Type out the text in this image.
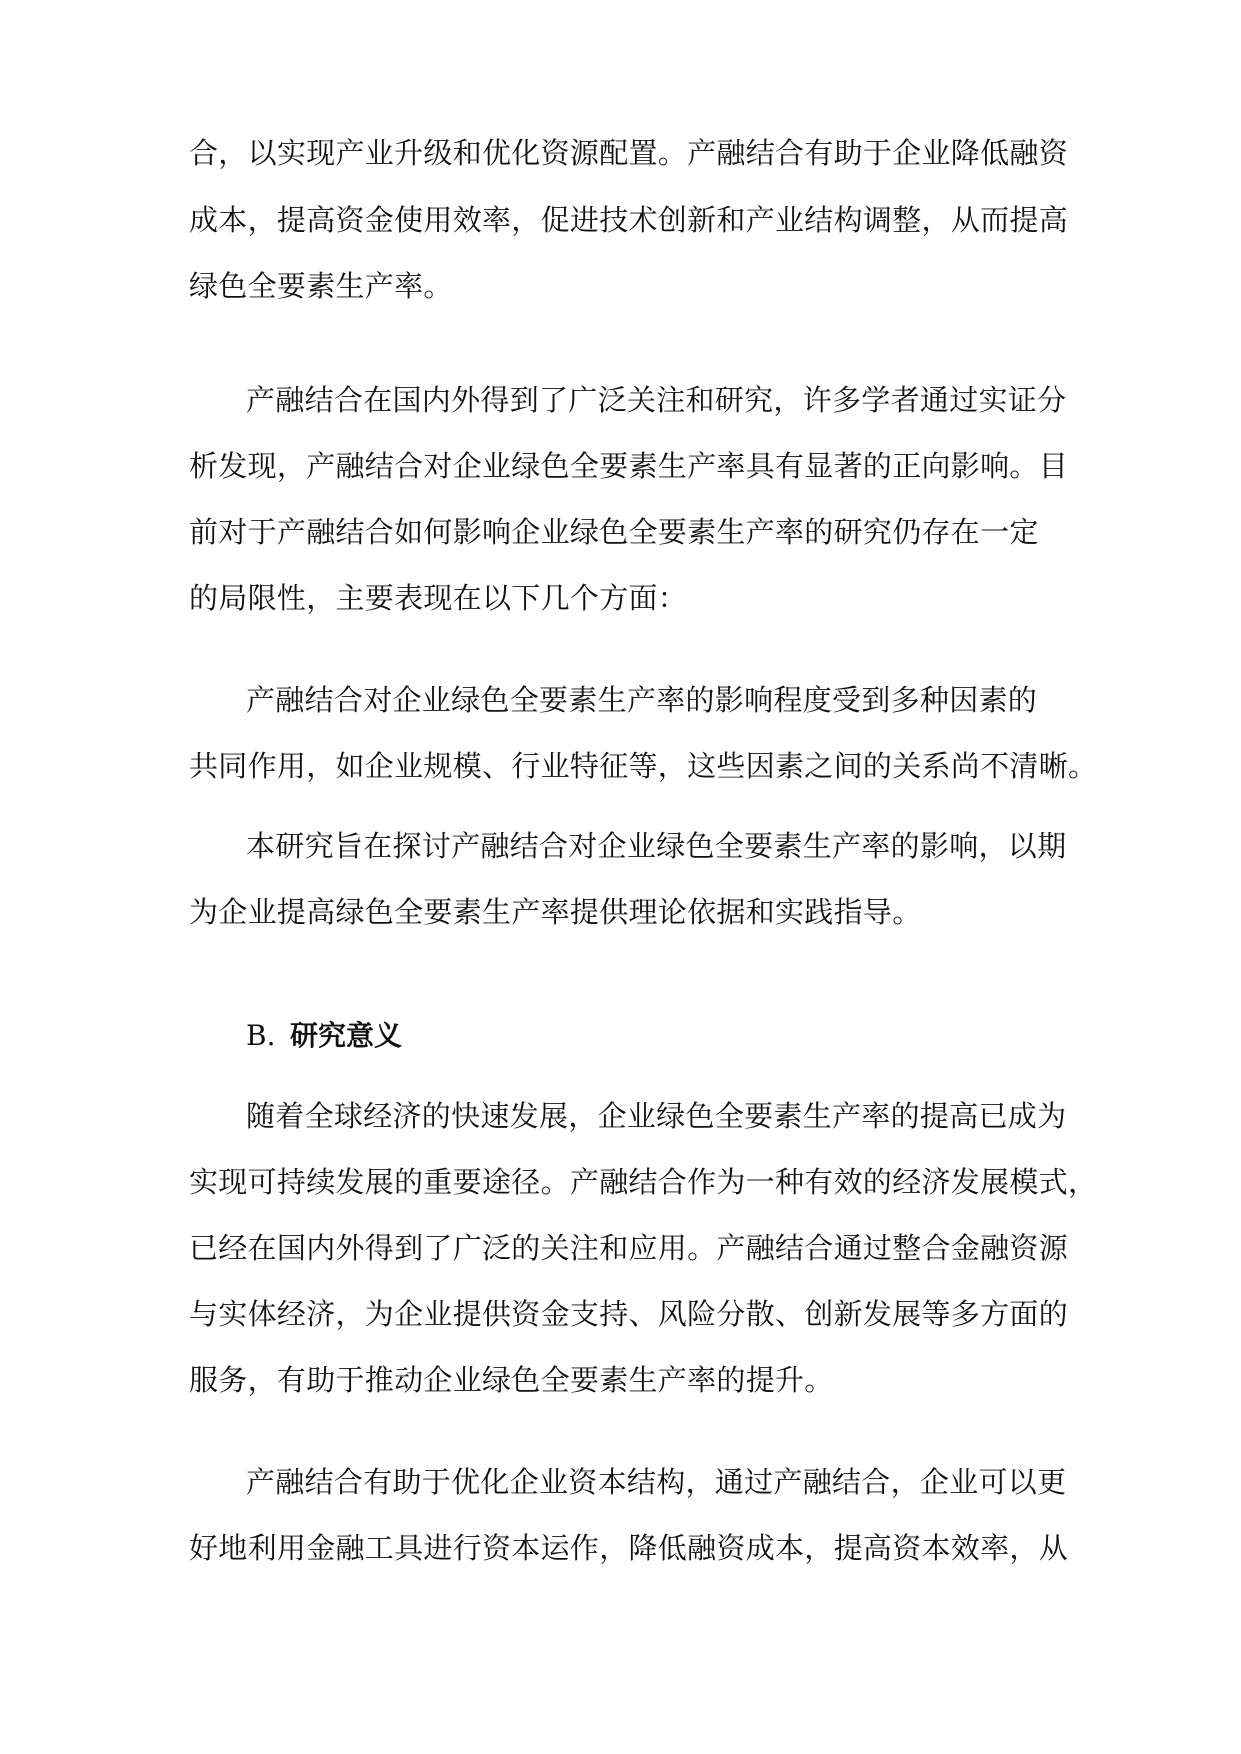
合，以实现产业升级和优化资源配置。产融结合有助于企业降低融资
成本，提高资金使用效率，促进技术创新和产业结构调整，从而提高
绿色全要素生产率。
产融结合在国内外得到了广泛关注和研究，许多学者通过实证分
析发现，产融结合对企业绿色全要素生产率具有显著的正向影响。目
前对于产融结合如何影响企业绿色全要素生产率的研究仍存在一定
的局限性，主要表现在以下几个方面：
产融结合对企业绿色全要素生产率的影响程度受到多种因素的
共同作用，如企业规模、行业特征等，这些因素之间的关系尚不清晰。
本研究旨在探讨产融结合对企业绿色全要素生产率的影响，以期
为企业提高绿色全要素生产率提供理论依据和实践指导。
B. 研究意义
随着全球经济的快速发展，企业绿色全要素生产率的提高已成为
实现可持续发展的重要途径。产融结合作为一种有效的经济发展模式，
已经在国内外得到了广泛的关注和应用。产融结合通过整合金融资源
与实体经济，为企业提供资金支持、风险分散、创新发展等多方面的
服务，有助于推动企业绿色全要素生产率的提升。
产融结合有助于优化企业资本结构，通过产融结合，企业可以更
好地利用金融工具进行资本运作，降低融资成本，提高资本效率，从
